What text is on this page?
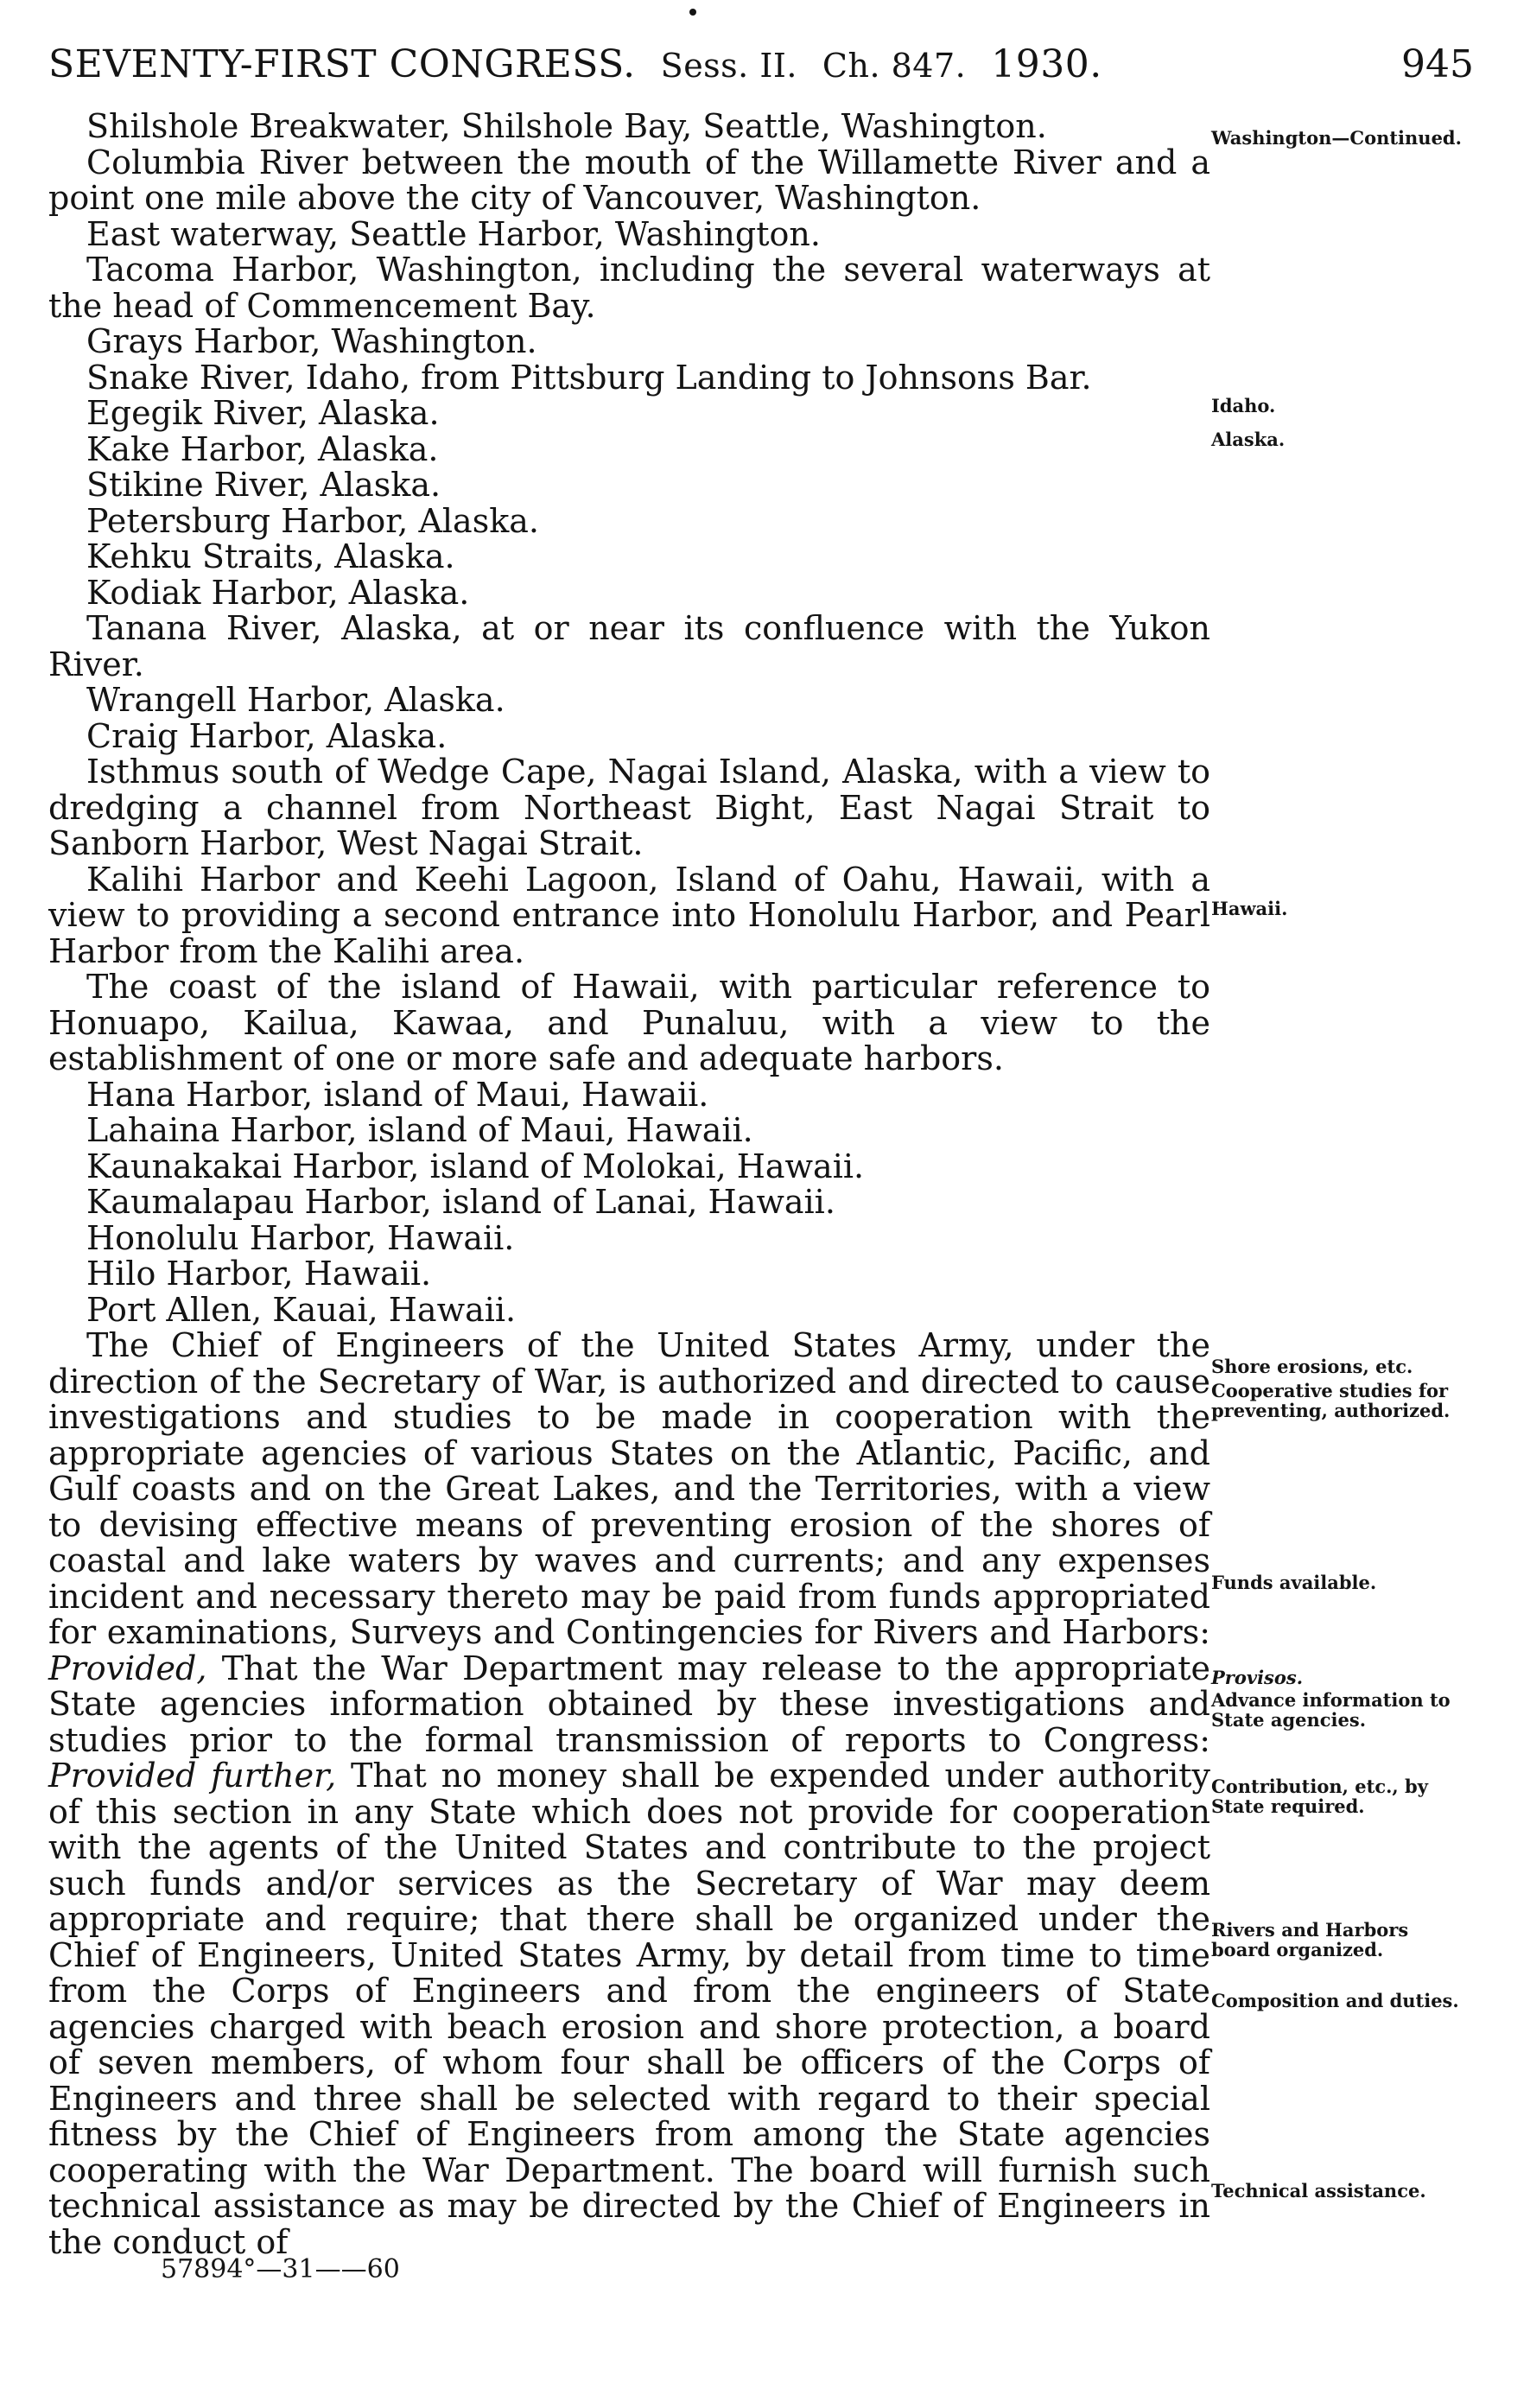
SEVENTY-FIRST CONGRESS. Sess. II. Ch. 847. 1930.	945

Shilshole Breakwater, Shilshole Bay, Seattle, Washington.

Columbia River between the mouth of the Willamette River and a point one mile above the city of Vancouver, Washington.

East waterway, Seattle Harbor, Washington.

Tacoma Harbor, Washington, including the several waterways at the head of Commencement Bay.

Grays Harbor, Washington.

Snake River, Idaho, from Pittsburg Landing to Johnsons Bar.

Egegik River, Alaska.

Kake Harbor, Alaska.

Stikine River, Alaska.

Petersburg Harbor, Alaska.

Kehku Straits, Alaska.

Kodiak Harbor, Alaska.

Tanana River, Alaska, at or near its confluence with the Yukon River.

Wrangell Harbor, Alaska.

Craig Harbor, Alaska.

Isthmus south of Wedge Cape, Nagai Island, Alaska, with a view to dredging a channel from Northeast Bight, East Nagai Strait to Sanborn Harbor, West Nagai Strait.

Kalihi Harbor and Keehi Lagoon, Island of Oahu, Hawaii, with a view to providing a second entrance into Honolulu Harbor, and Pearl Harbor from the Kalihi area.

The coast of the island of Hawaii, with particular reference to Honuapo, Kailua, Kawaa, and Punaluu, with a view to the establishment of one or more safe and adequate harbors.

Hana Harbor, island of Maui, Hawaii.

Lahaina Harbor, island of Maui, Hawaii.

Kaunakakai Harbor, island of Molokai, Hawaii.

Kaumalapau Harbor, island of Lanai, Hawaii.

Honolulu Harbor, Hawaii.

Hilo Harbor, Hawaii.

Port Allen, Kauai, Hawaii.

The Chief of Engineers of the United States Army, under the direction of the Secretary of War, is authorized and directed to cause investigations and studies to be made in cooperation with the appropriate agencies of various States on the Atlantic, Pacific, and Gulf coasts and on the Great Lakes, and the Territories, with a view to devising effective means of preventing erosion of the shores of coastal and lake waters by waves and currents; and any expenses incident and necessary thereto may be paid from funds appropriated for examinations, Surveys and Contingencies for Rivers and Harbors: Provided, That the War Department may release to the appropriate State agencies information obtained by these investigations and studies prior to the formal transmission of reports to Congress: Provided further, That no money shall be expended under authority of this section in any State which does not provide for cooperation with the agents of the United States and contribute to the project such funds and/or services as the Secretary of War may deem appropriate and require; that there shall be organized under the Chief of Engineers, United States Army, by detail from time to time from the Corps of Engineers and from the engineers of State agencies charged with beach erosion and shore protection, a board of seven members, of whom four shall be officers of the Corps of Engineers and three shall be selected with regard to their special fitness by the Chief of Engineers from among the State agencies cooperating with the War Department. The board will furnish such technical assistance as may be directed by the Chief of Engineers in the conduct of

Washington—Continued.
Idaho.
Alaska.
Hawaii.
Shore erosions, etc.
Cooperative studies for preventing, authorized.
Funds available.
Provisos.
Advance information to State agencies.
Contribution, etc., by State required.
Rivers and Harbors board organized.
Composition and duties.
Technical assistance.
57894°—31——60
